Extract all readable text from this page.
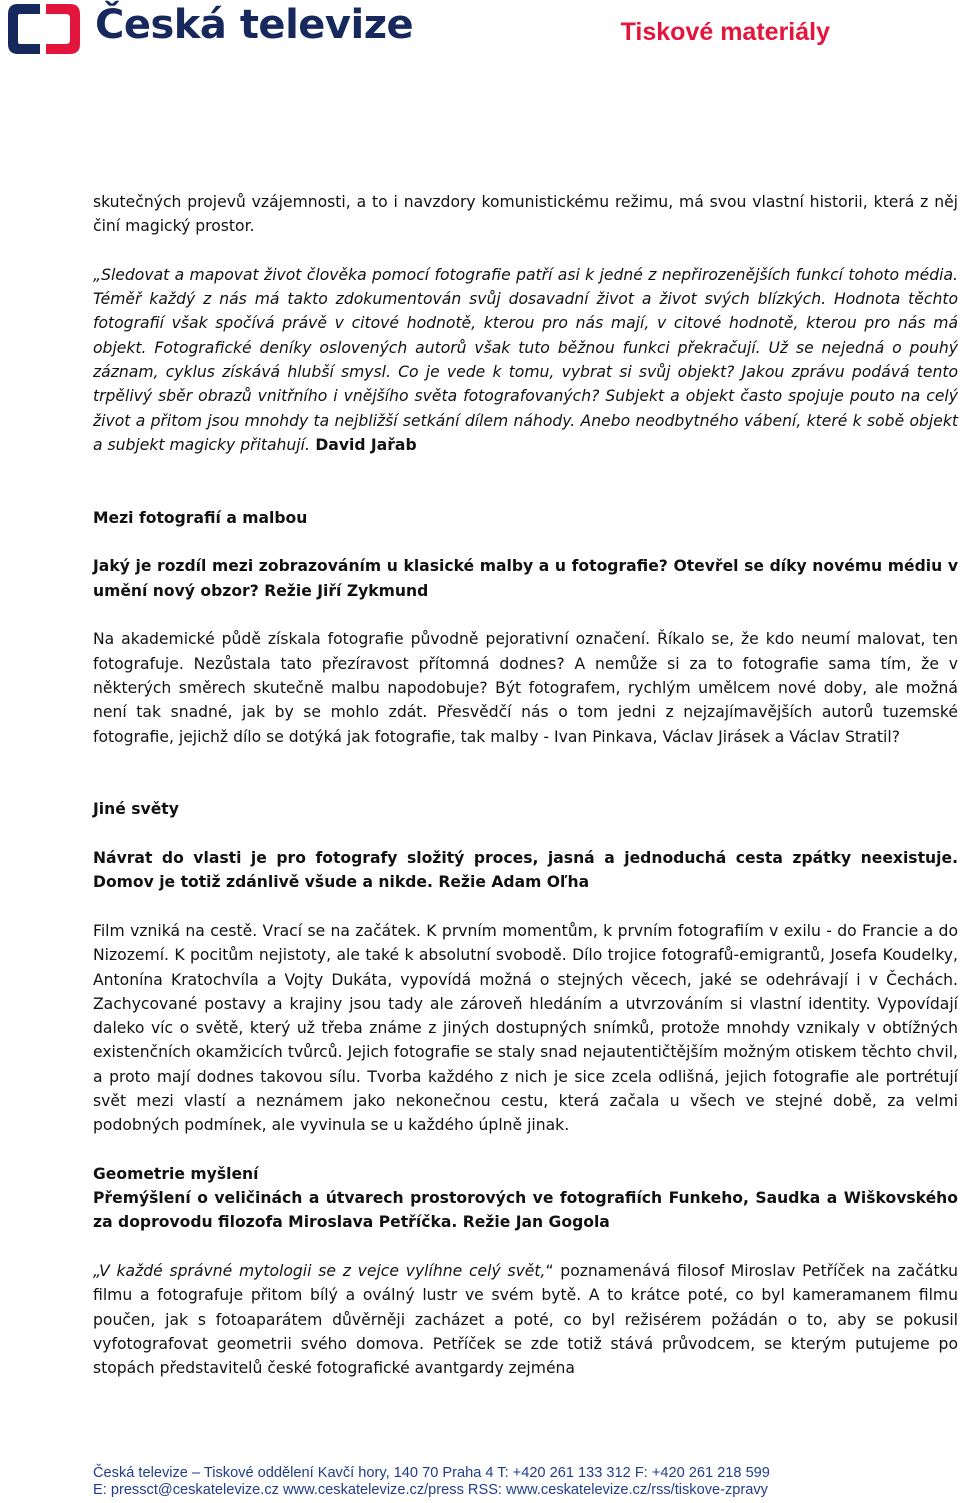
Česká televize	Tiskové materiály

skutečných projevů vzájemnosti, a to i navzdory komunistickému režimu, má svou vlastní historii, která z něj činí magický prostor.

„Sledovat a mapovat život člověka pomocí fotografie patří asi k jedné z nepřirozenějších funkcí tohoto média. Téměř každý z nás má takto zdokumentován svůj dosavadní život a život svých blízkých. Hodnota těchto fotografií však spočívá právě v citové hodnotě, kterou pro nás mají, v citové hodnotě, kterou pro nás má objekt. Fotografické deníky oslovených autorů však tuto běžnou funkci překračují. Už se nejedná o pouhý záznam, cyklus získává hlubší smysl. Co je vede k tomu, vybrat si svůj objekt? Jakou zprávu podává tento trpělivý sběr obrazů vnitřního i vnějšího světa fotografovaných? Subjekt a objekt často spojuje pouto na celý život a přitom jsou mnohdy ta nejbližší setkání dílem náhody. Anebo neodbytného vábení, které k sobě objekt a subjekt magicky přitahují. David Jařab

Mezi fotografií a malbou

Jaký je rozdíl mezi zobrazováním u klasické malby a u fotografie? Otevřel se díky novému médiu v umění nový obzor? Režie Jiří Zykmund

Na akademické půdě získala fotografie původně pejorativní označení. Říkalo se, že kdo neumí malovat, ten fotografuje. Nezůstala tato přezíravost přítomná dodnes? A nemůže si za to fotografie sama tím, že v některých směrech skutečně malbu napodobuje? Být fotografem, rychlým umělcem nové doby, ale možná není tak snadné, jak by se mohlo zdát. Přesvědčí nás o tom jedni z nejzajímavějších autorů tuzemské fotografie, jejichž dílo se dotýká jak fotografie, tak malby - Ivan Pinkava, Václav Jirásek a Václav Stratil?

Jiné světy

Návrat do vlasti je pro fotografy složitý proces, jasná a jednoduchá cesta zpátky neexistuje. Domov je totiž zdánlivě všude a nikde. Režie Adam Oľha

Film vzniká na cestě. Vrací se na začátek. K prvním momentům, k prvním fotografiím v exilu - do Francie a do Nizozemí. K pocitům nejistoty, ale také k absolutní svobodě. Dílo trojice fotografů-emigrantů, Josefa Koudelky, Antonína Kratochvíla a Vojty Dukáta, vypovídá možná o stejných věcech, jaké se odehrávají i v Čechách. Zachycované postavy a krajiny jsou tady ale zároveň hledáním a utvrzováním si vlastní identity. Vypovídají daleko víc o světě, který už třeba známe z jiných dostupných snímků, protože mnohdy vznikaly v obtížných existenčních okamžicích tvůrců. Jejich fotografie se staly snad nejautentičtějším možným otiskem těchto chvil, a proto mají dodnes takovou sílu. Tvorba každého z nich je sice zcela odlišná, jejich fotografie ale portrétují svět mezi vlastí a neznámem jako nekonečnou cestu, která začala u všech ve stejné době, za velmi podobných podmínek, ale vyvinula se u každého úplně jinak.

Geometrie myšlení

Přemýšlení o veličinách a útvarech prostorových ve fotografiích Funkeho, Saudka a Wiškovského za doprovodu filozofa Miroslava Petříčka. Režie Jan Gogola

„V každé správné mytologii se z vejce vylíhne celý svět,“ poznamenává filosof Miroslav Petříček na začátku filmu a fotografuje přitom bílý a oválný lustr ve svém bytě. A to krátce poté, co byl kameramanem filmu poučen, jak s fotoaparátem důvěrněji zacházet a poté, co byl režisérem požádán o to, aby se pokusil vyfotografovat geometrii svého domova. Petříček se zde totiž stává průvodcem, se kterým putujeme po stopách představitelů české fotografické avantgardy zejména

Česká televize – Tiskové oddělení Kavčí hory, 140 70 Praha 4 T: +420 261 133 312 F: +420 261 218 599
E: pressct@ceskatelevize.cz www.ceskatelevize.cz/press RSS: www.ceskatelevize.cz/rss/tiskove-zpravy
